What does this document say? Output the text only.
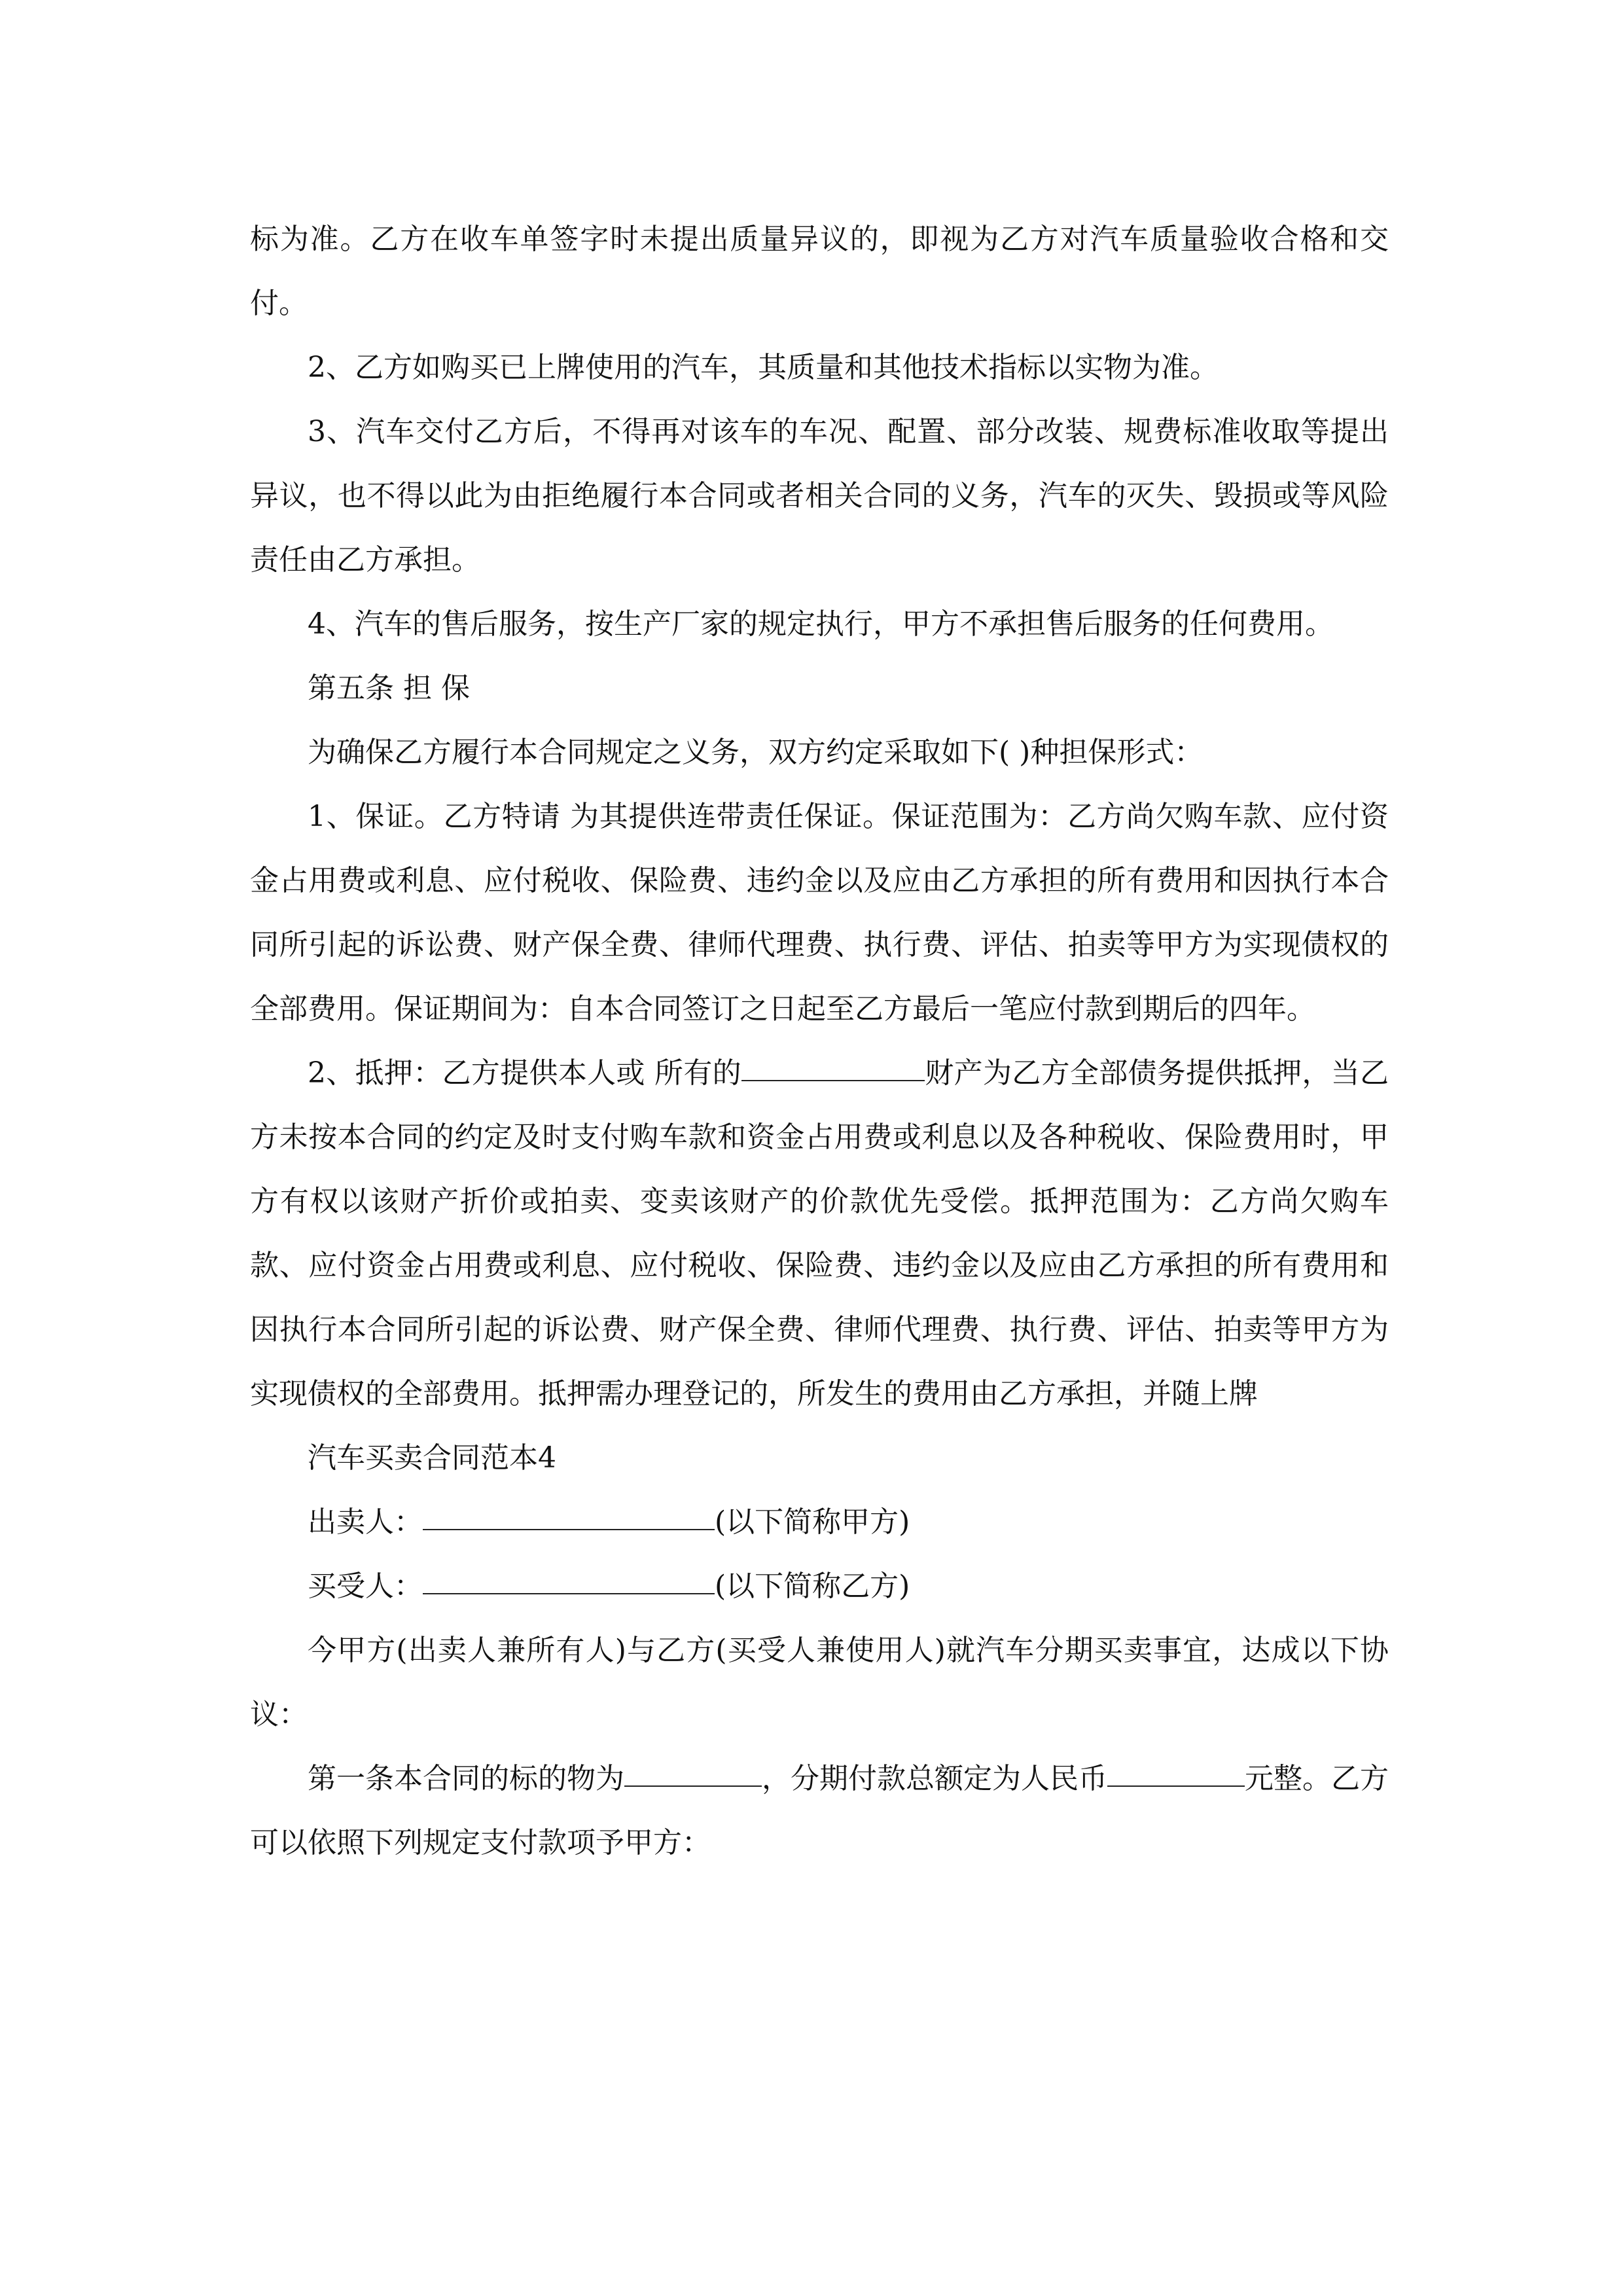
标为准。乙方在收车单签字时未提出质量异议的，即视为乙方对汽车质量验收合格和交付。

2、乙方如购买已上牌使用的汽车，其质量和其他技术指标以实物为准。

3、汽车交付乙方后，不得再对该车的车况、配置、部分改装、规费标准收取等提出异议，也不得以此为由拒绝履行本合同或者相关合同的义务，汽车的灭失、毁损或等风险责任由乙方承担。

4、汽车的售后服务，按生产厂家的规定执行，甲方不承担售后服务的任何费用。

第五条 担 保

为确保乙方履行本合同规定之义务，双方约定采取如下( )种担保形式：

1、保证。乙方特请 为其提供连带责任保证。保证范围为：乙方尚欠购车款、应付资金占用费或利息、应付税收、保险费、违约金以及应由乙方承担的所有费用和因执行本合同所引起的诉讼费、财产保全费、律师代理费、执行费、评估、拍卖等甲方为实现债权的全部费用。保证期间为：自本合同签订之日起至乙方最后一笔应付款到期后的四年。

2、抵押：乙方提供本人或 所有的	财产为乙方全部债务提供抵押，当乙方未按本合同的约定及时支付购车款和资金占用费或利息以及各种税收、保险费用时，甲方有权以该财产折价或拍卖、变卖该财产的价款优先受偿。抵押范围为：乙方尚欠购车款、应付资金占用费或利息、应付税收、保险费、违约金以及应由乙方承担的所有费用和因执行本合同所引起的诉讼费、财产保全费、律师代理费、执行费、评估、拍卖等甲方为实现债权的全部费用。抵押需办理登记的，所发生的费用由乙方承担，并随上牌

汽车买卖合同范本4

出卖人：	(以下简称甲方)

买受人：	(以下简称乙方)

今甲方(出卖人兼所有人)与乙方(买受人兼使用人)就汽车分期买卖事宜，达成以下协议：

第一条本合同的标的物为	，分期付款总额定为人民币	元整。乙方可以依照下列规定支付款项予甲方：
